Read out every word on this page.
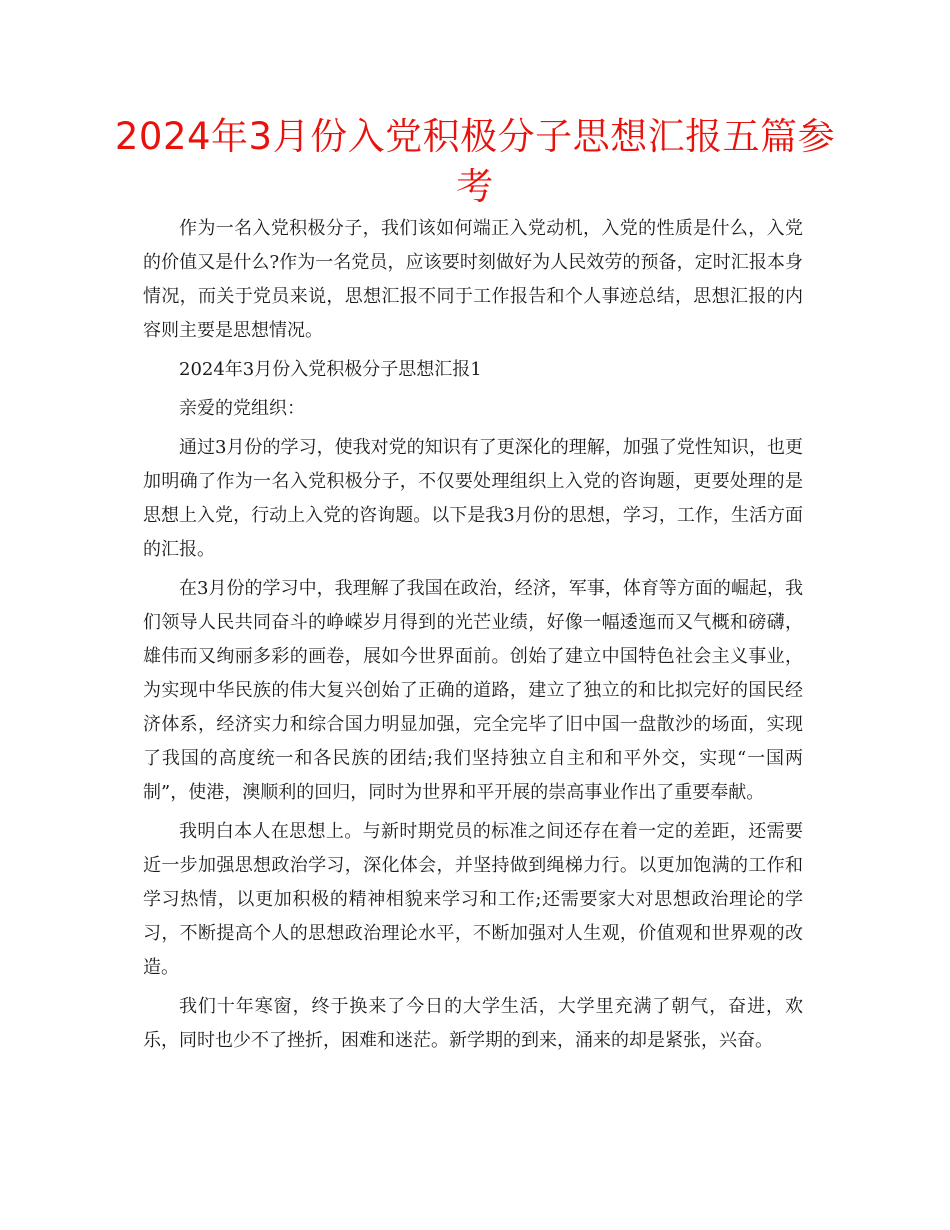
2024年3月份入党积极分子思想汇报五篇参考

作为一名入党积极分子，我们该如何端正入党动机，入党的性质是什么，入党的价值又是什么?作为一名党员，应该要时刻做好为人民效劳的预备，定时汇报本身情况，而关于党员来说，思想汇报不同于工作报告和个人事迹总结，思想汇报的内容则主要是思想情况。

2024年3月份入党积极分子思想汇报1

亲爱的党组织：

通过3月份的学习，使我对党的知识有了更深化的理解，加强了党性知识，也更加明确了作为一名入党积极分子，不仅要处理组织上入党的咨询题，更要处理的是思想上入党，行动上入党的咨询题。以下是我3月份的思想，学习，工作，生活方面的汇报。

在3月份的学习中，我理解了我国在政治，经济，军事，体育等方面的崛起，我们领导人民共同奋斗的峥嵘岁月得到的光芒业绩，好像一幅逶迤而又气概和磅礴，雄伟而又绚丽多彩的画卷，展如今世界面前。创始了建立中国特色社会主义事业，为实现中华民族的伟大复兴创始了正确的道路，建立了独立的和比拟完好的国民经济体系，经济实力和综合国力明显加强，完全完毕了旧中国一盘散沙的场面，实现了我国的高度统一和各民族的团结;我们坚持独立自主和和平外交，实现“一国两制”，使港，澳顺利的回归，同时为世界和平开展的崇高事业作出了重要奉献。

我明白本人在思想上。与新时期党员的标准之间还存在着一定的差距，还需要近一步加强思想政治学习，深化体会，并坚持做到绳梯力行。以更加饱满的工作和学习热情，以更加积极的精神相貌来学习和工作;还需要家大对思想政治理论的学习，不断提高个人的思想政治理论水平，不断加强对人生观，价值观和世界观的改造。

我们十年寒窗，终于换来了今日的大学生活，大学里充满了朝气，奋进，欢乐，同时也少不了挫折，困难和迷茫。新学期的到来，涌来的却是紧张，兴奋。
